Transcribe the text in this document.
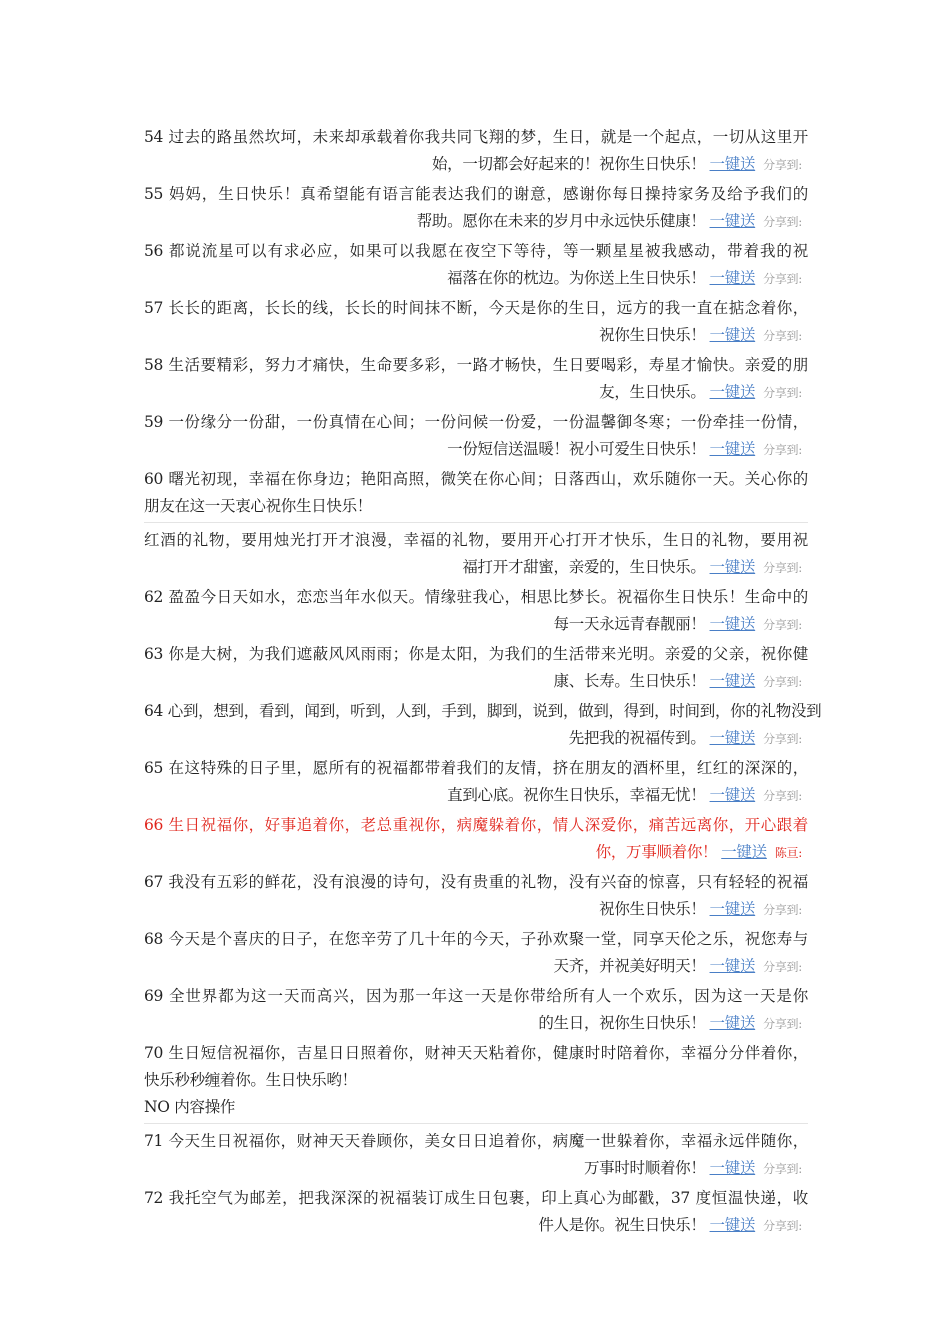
54 过去的路虽然坎坷，未来却承载着你我共同飞翔的梦，生日，就是一个起点，一切从这里开
始，一切都会好起来的！祝你生日快乐！ 一键送 分享到:
55 妈妈，生日快乐！真希望能有语言能表达我们的谢意，感谢你每日操持家务及给予我们的
帮助。愿你在未来的岁月中永远快乐健康！ 一键送 分享到:
56 都说流星可以有求必应，如果可以我愿在夜空下等待，等一颗星星被我感动，带着我的祝
福落在你的枕边。为你送上生日快乐！ 一键送 分享到:
57 长长的距离，长长的线，长长的时间抹不断，今天是你的生日，远方的我一直在掂念着你，
祝你生日快乐！ 一键送 分享到:
58 生活要精彩，努力才痛快，生命要多彩，一路才畅快，生日要喝彩，寿星才愉快。亲爱的朋
友，生日快乐。 一键送 分享到:
59 一份缘分一份甜，一份真情在心间；一份问候一份爱，一份温馨御冬寒；一份牵挂一份情，
一份短信送温暖！祝小可爱生日快乐！ 一键送 分享到:
60 曙光初现，幸福在你身边；艳阳高照，微笑在你心间；日落西山，欢乐随你一天。关心你的
朋友在这一天衷心祝你生日快乐！
红酒的礼物，要用烛光打开才浪漫，幸福的礼物，要用开心打开才快乐，生日的礼物，要用祝
福打开才甜蜜，亲爱的，生日快乐。 一键送 分享到:
62 盈盈今日天如水，恋恋当年水似天。情缘驻我心，相思比梦长。祝福你生日快乐！生命中的
每一天永远青春靓丽！ 一键送 分享到:
63 你是大树，为我们遮蔽风风雨雨；你是太阳，为我们的生活带来光明。亲爱的父亲，祝你健
康、长寿。生日快乐！ 一键送 分享到:
64 心到，想到，看到，闻到，听到，人到，手到，脚到，说到，做到，得到，时间到，你的礼物没到
先把我的祝福传到。 一键送 分享到:
65 在这特殊的日子里，愿所有的祝福都带着我们的友情，挤在朋友的酒杯里，红红的深深的，
直到心底。祝你生日快乐，幸福无忧！ 一键送 分享到:
66 生日祝福你，好事追着你，老总重视你，病魔躲着你，情人深爱你，痛苦远离你，开心跟着
你，万事顺着你！ 一键送 陈亘:
67 我没有五彩的鲜花，没有浪漫的诗句，没有贵重的礼物，没有兴奋的惊喜，只有轻轻的祝福
祝你生日快乐！ 一键送 分享到:
68 今天是个喜庆的日子，在您辛劳了几十年的今天，子孙欢聚一堂，同享天伦之乐，祝您寿与
天齐，并祝美好明天！ 一键送 分享到:
69 全世界都为这一天而高兴，因为那一年这一天是你带给所有人一个欢乐，因为这一天是你
的生日，祝你生日快乐！ 一键送 分享到:
70 生日短信祝福你，吉星日日照着你，财神天天粘着你，健康时时陪着你，幸福分分伴着你，
快乐秒秒缠着你。生日快乐哟！
NO 内容操作
71 今天生日祝福你，财神天天眷顾你，美女日日追着你，病魔一世躲着你，幸福永远伴随你，
万事时时顺着你！ 一键送 分享到:
72 我托空气为邮差，把我深深的祝福装订成生日包裹，印上真心为邮戳，37 度恒温快递，收
件人是你。祝生日快乐！ 一键送 分享到:
